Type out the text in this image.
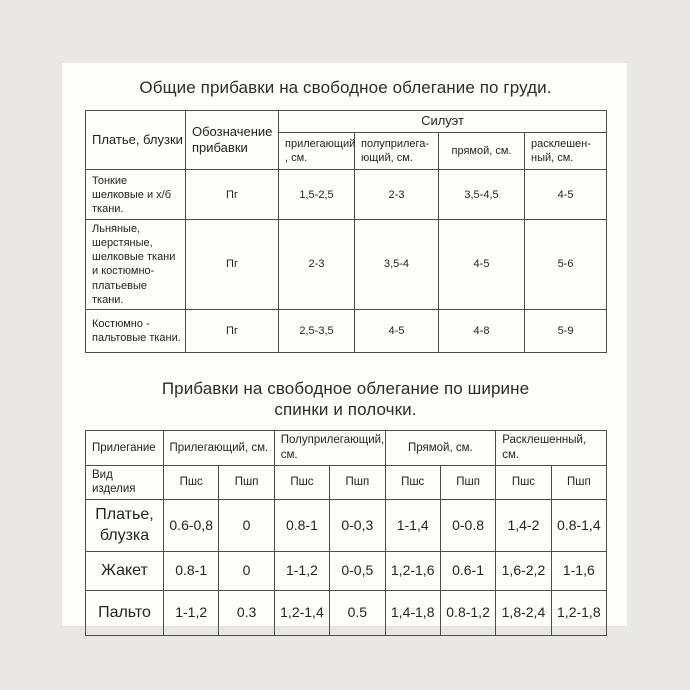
Общие прибавки на свободное облегание по груди.
Платье, блузки	Обозначение прибавки	Силуэт			
		прилегающий , см.	полуприлега-ющий, см.	прямой, см.	расклешен-ный, см.
Тонкие шелковые и х/б ткани.	Пг	1,5-2,5	2-3	3,5-4,5	4-5
Льняные, шерстяные, шелковые ткани и костюмно-платьевые ткани.	Пг	2-3	3,5-4	4-5	5-6
Костюмно - пальтовые ткани.	Пг	2,5-3,5	4-5	4-8	5-9
Прибавки на свободное облегание по ширине
спинки и полочки.
Прилегание	Прилегающий, см.		Полуприлегающий, см.		Прямой, см.		Расклешенный, см.	
Вид изделия	Пшс	Пшп	Пшс	Пшп	Пшс	Пшп	Пшс	Пшп
Платье, блузка	0.6-0,8	0	0.8-1	0-0,3	1-1,4	0-0.8	1,4-2	0.8-1,4
Жакет	0.8-1	0	1-1,2	0-0,5	1,2-1,6	0.6-1	1,6-2,2	1-1,6
Пальто	1-1,2	0.3	1,2-1,4	0.5	1,4-1,8	0.8-1,2	1,8-2,4	1,2-1,8
